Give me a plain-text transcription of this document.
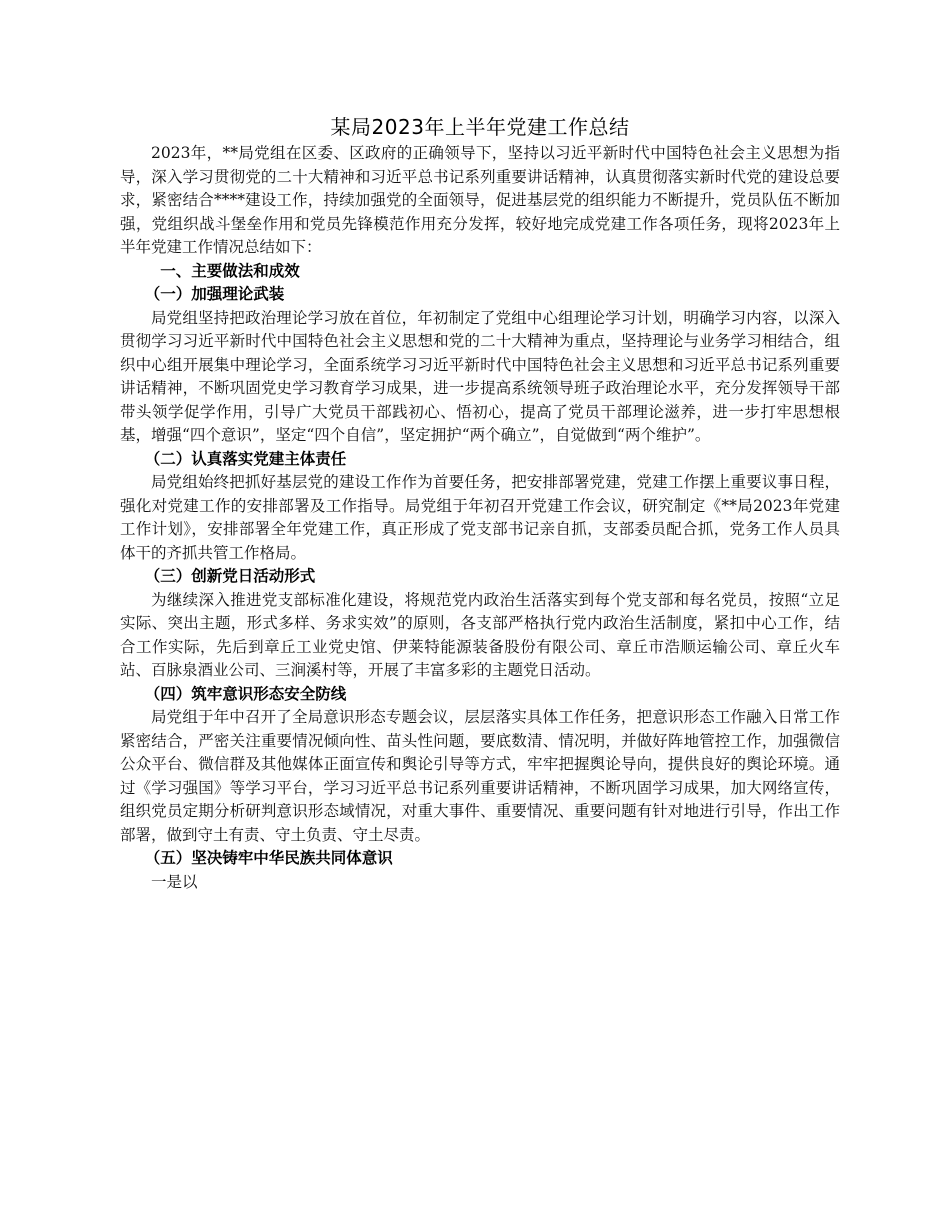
某局2023年上半年党建工作总结

2023年，**局党组在区委、区政府的正确领导下，坚持以习近平新时代中国特色社会主义思想为指导，深入学习贯彻党的二十大精神和习近平总书记系列重要讲话精神，认真贯彻落实新时代党的建设总要求，紧密结合****建设工作，持续加强党的全面领导，促进基层党的组织能力不断提升，党员队伍不断加强，党组织战斗堡垒作用和党员先锋模范作用充分发挥，较好地完成党建工作各项任务，现将2023年上半年党建工作情况总结如下：

一、主要做法和成效

（一）加强理论武装

局党组坚持把政治理论学习放在首位，年初制定了党组中心组理论学习计划，明确学习内容，以深入贯彻学习习近平新时代中国特色社会主义思想和党的二十大精神为重点，坚持理论与业务学习相结合，组织中心组开展集中理论学习，全面系统学习习近平新时代中国特色社会主义思想和习近平总书记系列重要讲话精神，不断巩固党史学习教育学习成果，进一步提高系统领导班子政治理论水平，充分发挥领导干部带头领学促学作用，引导广大党员干部践初心、悟初心，提高了党员干部理论滋养，进一步打牢思想根基，增强“四个意识”，坚定“四个自信”，坚定拥护“两个确立”，自觉做到“两个维护”。

（二）认真落实党建主体责任

局党组始终把抓好基层党的建设工作作为首要任务，把安排部署党建，党建工作摆上重要议事日程，强化对党建工作的安排部署及工作指导。局党组于年初召开党建工作会议，研究制定《**局2023年党建工作计划》，安排部署全年党建工作，真正形成了党支部书记亲自抓，支部委员配合抓，党务工作人员具体干的齐抓共管工作格局。

（三）创新党日活动形式

为继续深入推进党支部标准化建设，将规范党内政治生活落实到每个党支部和每名党员，按照“立足实际、突出主题，形式多样、务求实效”的原则，各支部严格执行党内政治生活制度，紧扣中心工作，结合工作实际，先后到章丘工业党史馆、伊莱特能源装备股份有限公司、章丘市浩顺运输公司、章丘火车站、百脉泉酒业公司、三涧溪村等，开展了丰富多彩的主题党日活动。

（四）筑牢意识形态安全防线

局党组于年中召开了全局意识形态专题会议，层层落实具体工作任务，把意识形态工作融入日常工作紧密结合，严密关注重要情况倾向性、苗头性问题，要底数清、情况明，并做好阵地管控工作，加强微信公众平台、微信群及其他媒体正面宣传和舆论引导等方式，牢牢把握舆论导向，提供良好的舆论环境。通过《学习强国》等学习平台，学习习近平总书记系列重要讲话精神，不断巩固学习成果，加大网络宣传，组织党员定期分析研判意识形态域情况，对重大事件、重要情况、重要问题有针对地进行引导，作出工作部署，做到守土有责、守土负责、守土尽责。

（五）坚决铸牢中华民族共同体意识

一是以
